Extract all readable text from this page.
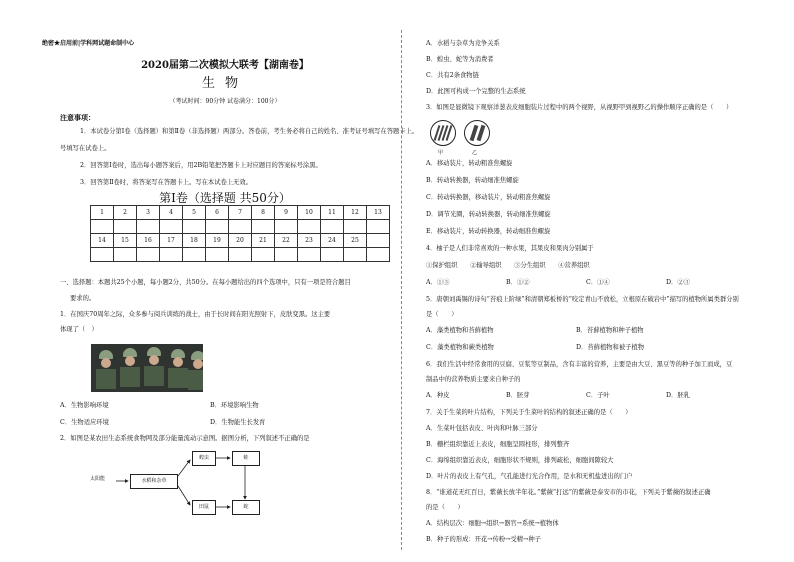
绝密★启用前|学科网试题命制中心
2020届第二次模拟大联考【湖南卷】
生物
（考试时间：90分钟 试卷满分：100分）
注意事项：
1．本试卷分第Ⅰ卷（选择题）和第Ⅱ卷（非选择题）两部分。答卷前，考生务必将自己的姓名、准考证号填写在答题卡上。
号填写在试卷上。
2．回答第Ⅰ卷时，选出每小题答案后，用2B铅笔把答题卡上对应题目的答案标号涂黑。
3．回答第Ⅱ卷时，将答案写在答题卡上。写在本试卷上无效。
第Ⅰ卷（选择题 共50分）
1	2	3	4	5	6	7	8	9	10	11	12	13

14	15	16	17	18	19	20	21	22	23	24	25	

一、选择题：本题共25个小题，每小题2分，共50分。在每小题给出的四个选项中，只有一项是符合题目
要求的。
1．在国庆70周年之际，众多参与阅兵训练的战士，由于长时间在阳光照射下，皮肤变黑。这主要
体现了（　）
A．生物影响环境	B．环境影响生物
C．生物适应环境	D．生物能生长发育
2．如图是某农田生态系统食物网及部分能量流动示意图。据图分析，下列叙述不正确的是
太阳能	水稻和杂草
蝗虫	蛙
田鼠	蛇
A．水稻与杂草为竞争关系
B．蝗虫、蛇等为消费者
C．共有2条食物链
D．此图可构成一个完整的生态系统
3．如图是显微镜下观察洋葱表皮细胞装片过程中的两个视野，从视野甲到视野乙的操作顺序正确的是（　　）
甲	乙
A．移动装片，转动粗准焦螺旋
B．转动转换器，转动细准焦螺旋
C．转动转换器，移动装片，转动粗准焦螺旋
D．调节光圈，转动转换器，转动细准焦螺旋
E．移动装片，转动转换器，转动细准焦螺旋
4．柚子是人们非常喜欢的一种水果，其果皮和果肉分别属于
①保护组织　　②输导组织　　③分生组织　　④营养组织
A．①③	B．①②	C．①④	D．②③
5．唐朝刘禹锡的诗句“苔痕上阶绿”和清朝郑板桥的“咬定青山不放松，立根原在破岩中”描写的植物所属类群分别
是（　　）
A．藻类植物和苔藓植物	B．苔藓植物和种子植物
C．藻类植物和蕨类植物	D．苔藓植物和被子植物
6．我们生活中经常食用的豆腐、豆浆等豆制品，含有丰富的营养，主要是由大豆、黑豆等的种子加工而成，豆
制品中的营养物质主要来自种子的
A．种皮	B．胚芽	C．子叶	D．胚乳
7．关于生菜的叶片结构，下列关于生菜叶的结构的叙述正确的是（　　）
A．生菜叶包括表皮、叶肉和叶脉三部分
B．栅栏组织靠近上表皮，细胞呈圆柱形，排列整齐
C．海绵组织靠近表皮，细胞形状不规则，排列疏松，细胞间隙较大
D．叶片的表皮上有气孔，气孔能进行光合作用，是水和无机盐进出的门户
8．“谁道花无红百日，紫薇长放半年花。”紫薇“打远”的紫薇是泰安市的市花，下列关于紫薇的叙述正确
的是（　　）
A．结构层次：细胞→组织→器官→系统→植物体
B．种子的形成：开花→传粉→受精→种子
